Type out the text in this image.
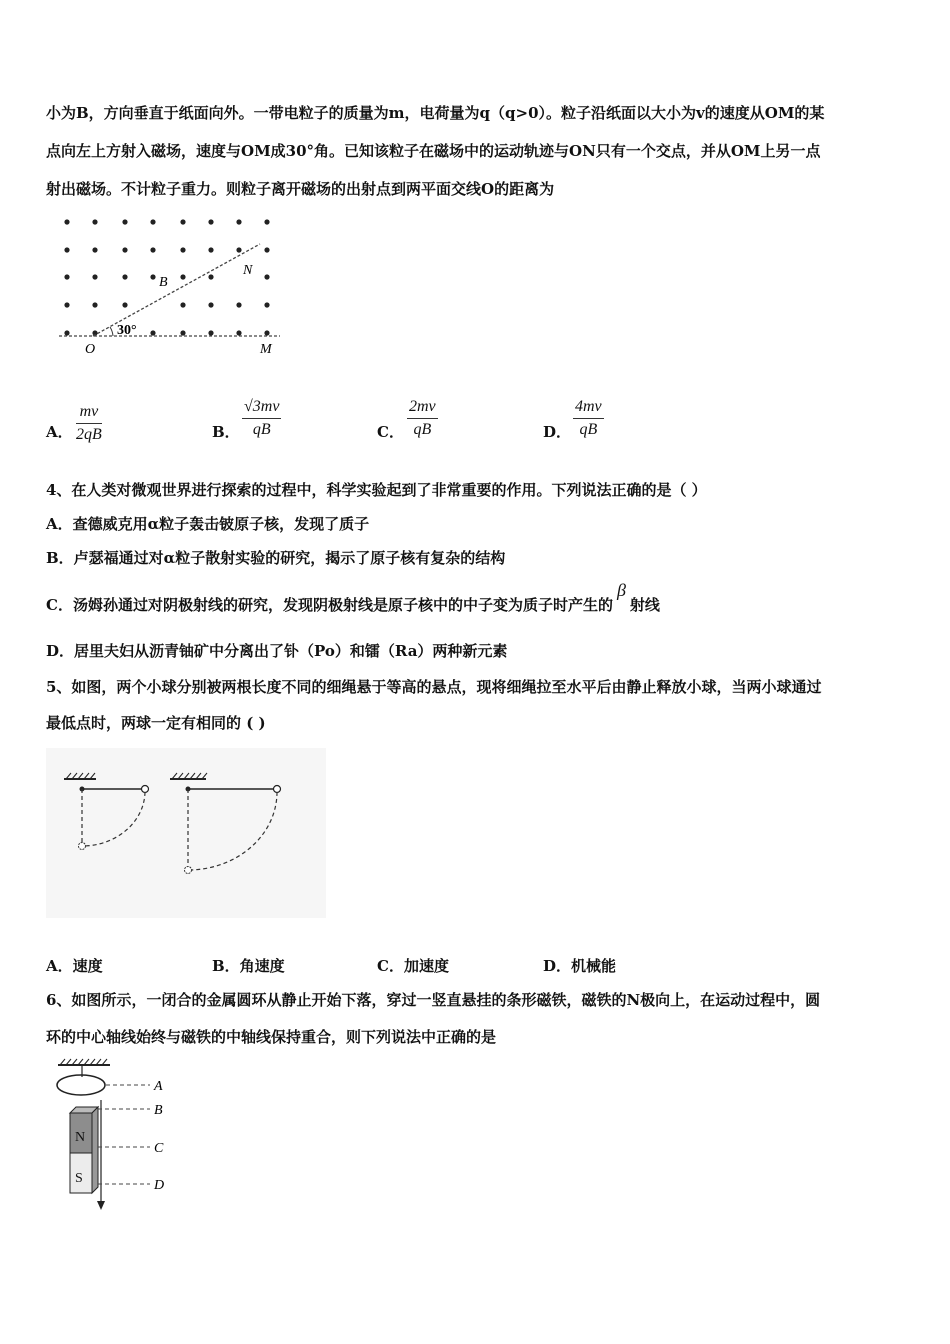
小为B，方向垂直于纸面向外。一带电粒子的质量为m，电荷量为q（q>0）。粒子沿纸面以大小为v的速度从OM的某
点向左上方射入磁场，速度与OM成30°角。已知该粒子在磁场中的运动轨迹与ON只有一个交点，并从OM上另一点
射出磁场。不计粒子重力。则粒子离开磁场的出射点到两平面交线O的距离为
30°
B
N
O	M
A． $\frac{mv}{2qB}$	B． $\frac{√3mv}{qB}$	C． $\frac{2mv}{qB}$	D． $\frac{4mv}{qB}$
4、在人类对微观世界进行探索的过程中，科学实验起到了非常重要的作用。下列说法正确的是（ ）
A．查德威克用α粒子轰击铍原子核，发现了质子
B．卢瑟福通过对α粒子散射实验的研究，揭示了原子核有复杂的结构
C．汤姆孙通过对阴极射线的研究，发现阴极射线是原子核中的中子变为质子时产生的β射线
D．居里夫妇从沥青铀矿中分离出了钋（Po）和镭（Ra）两种新元素
5、如图，两个小球分别被两根长度不同的细绳悬于等高的悬点，现将细绳拉至水平后由静止释放小球，当两小球通过
最低点时，两球一定有相同的 ( )
A．速度	B．角速度	C．加速度	D．机械能
6、如图所示，一闭合的金属圆环从静止开始下落，穿过一竖直悬挂的条形磁铁，磁铁的N极向上，在运动过程中，圆
环的中心轴线始终与磁铁的中轴线保持重合，则下列说法中正确的是
N
S
A
B
C
D
